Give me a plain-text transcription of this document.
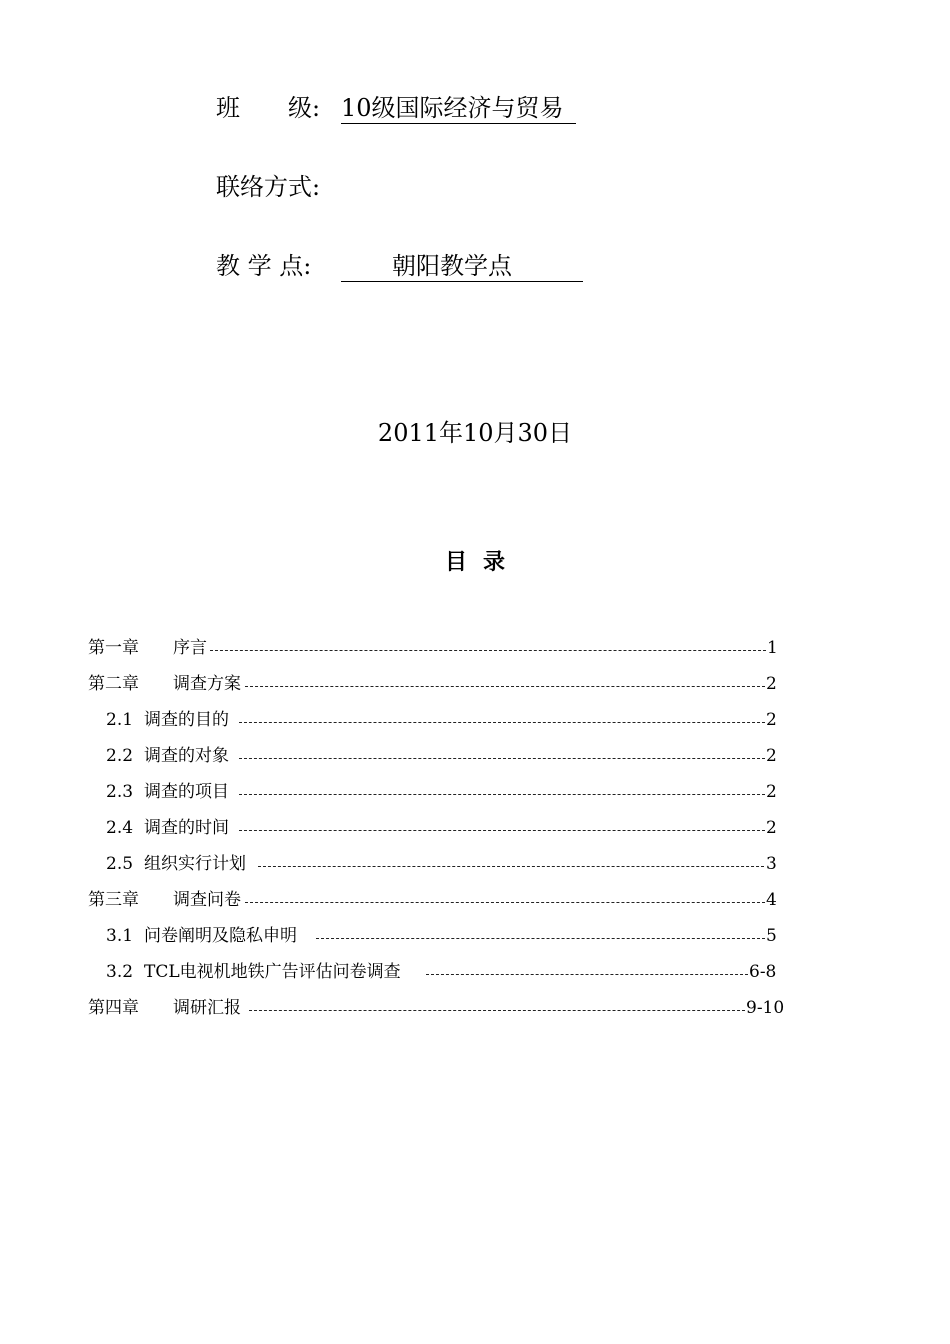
班　　级: 10级国际经济与贸易
联络方式:
教 学 点:	朝阳教学点
2011年10月30日
目录
第一章 序言	1
第二章 调查方案	2
2.1 调查的目的	2
2.2 调查的对象	2
2.3 调查的项目	2
2.4 调查的时间	2
2.5 组织实行计划	3
第三章 调查问卷	4
3.1 问卷阐明及隐私申明	5
3.2 TCL电视机地铁广告评估问卷调查	6-8
第四章 调研汇报	9-10
